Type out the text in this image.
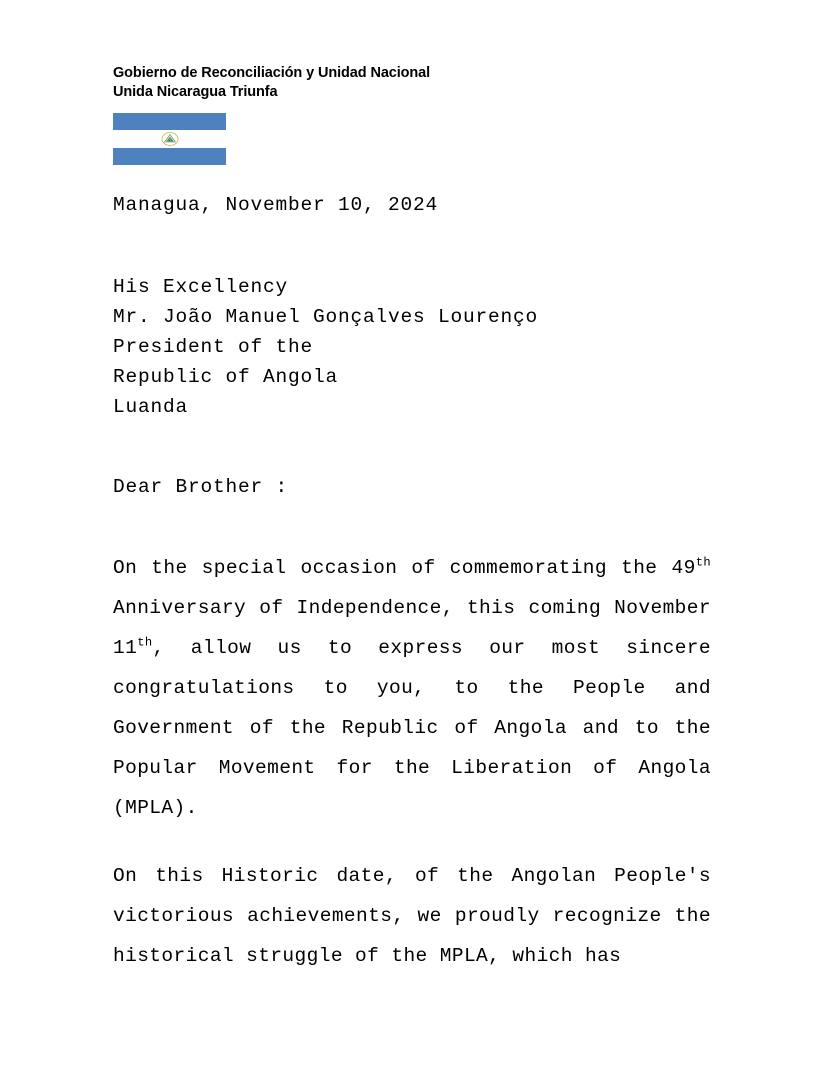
Gobierno de Reconciliación y Unidad Nacional
Unida Nicaragua Triunfa
Managua, November 10, 2024
His Excellency
Mr. João Manuel Gonçalves Lourenço
President of the
Republic of Angola
Luanda
Dear Brother :

On the special occasion of commemorating the 49th Anniversary of Independence, this coming November 11th, allow us to express our most sincere congratulations to you, to the People and Government of the Republic of Angola and to the Popular Movement for the Liberation of Angola (MPLA).

On this Historic date, of the Angolan People's victorious achievements, we proudly recognize the historical struggle of the MPLA, which has
